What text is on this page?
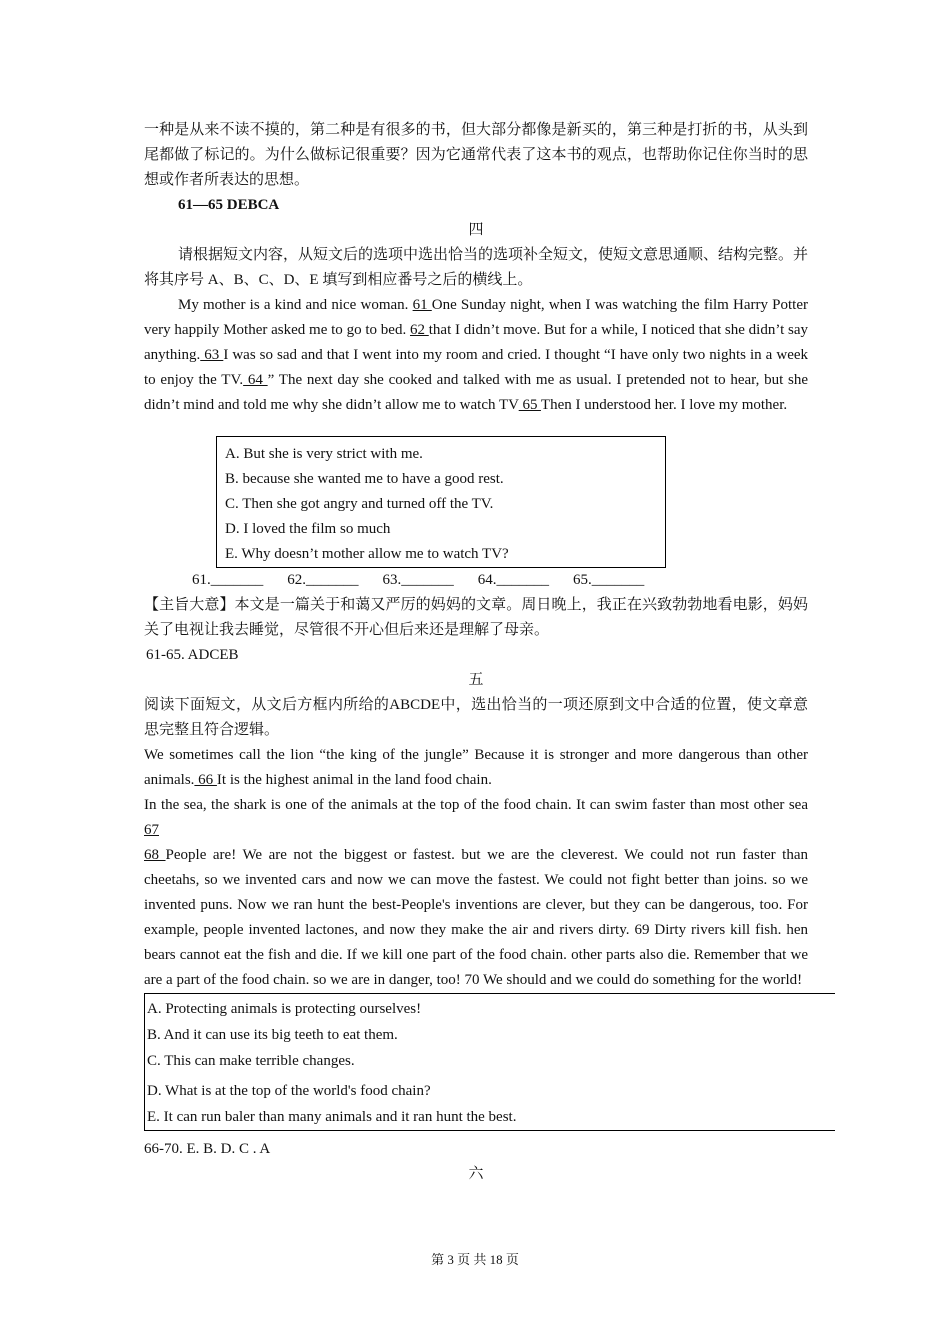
一种是从来不读不摸的，第二种是有很多的书，但大部分都像是新买的，第三种是打折的书，从头到尾都做了标记的。为什么做标记很重要？因为它通常代表了这本书的观点，也帮助你记住你当时的思想或作者所表达的思想。

61—65 DEBCA

四

请根据短文内容，从短文后的选项中选出恰当的选项补全短文，使短文意思通顺、结构完整。并将其序号 A、B、C、D、E 填写到相应番号之后的横线上。

My mother is a kind and nice woman. 61 One Sunday night, when I was watching the film Harry Potter very happily Mother asked me to go to bed. 62 that I didn’t move. But for a while, I noticed that she didn’t say anything. 63 I was so sad and that I went into my room and cried. I thought “I have only two nights in a week to enjoy the TV. 64 ” The next day she cooked and talked with me as usual. I pretended not to hear, but she didn’t mind and told me why she didn’t allow me to watch TV 65 Then I understood her. I love my mother.

A. But she is very strict with me.
B. because she wanted me to have a good rest.
C. Then she got angry and turned off the TV.
D. I loved the film so much
E. Why doesn’t mother allow me to watch TV?
61._______ 62._______ 63._______ 64._______ 65._______

【主旨大意】本文是一篇关于和蔼又严厉的妈妈的文章。周日晚上，我正在兴致勃勃地看电影，妈妈关了电视让我去睡觉，尽管很不开心但后来还是理解了母亲。

61-65. ADCEB

五

阅读下面短文，从文后方框内所给的ABCDE中，选出恰当的一项还原到文中合适的位置，使文章意思完整且符合逻辑。

We sometimes call the lion “the king of the jungle” Because it is stronger and more dangerous than other animals. 66 It is the highest animal in the land food chain.

In the sea, the shark is one of the animals at the top of the food chain. It can swim faster than most other sea 67

68 People are! We are not the biggest or fastest. but we are the cleverest. We could not run faster than cheetahs, so we invented cars and now we can move the fastest. We could not fight better than joins. so we invented puns. Now we ran hunt the best-People's inventions are clever, but they can be dangerous, too. For example, people invented lactones, and now they make the air and rivers dirty. 69 Dirty rivers kill fish. hen bears cannot eat the fish and die. If we kill one part of the food chain. other parts also die. Remember that we are a part of the food chain. so we are in danger, too! 70 We should and we could do something for the world!

A. Protecting animals is protecting ourselves!
B. And it can use its big teeth to eat them.
C. This can make terrible changes.
D. What is at the top of the world's food chain?
E. It can run baler than many animals and it ran hunt the best.

66-70. E. B. D. C . A

六

第 3 页 共 18 页
